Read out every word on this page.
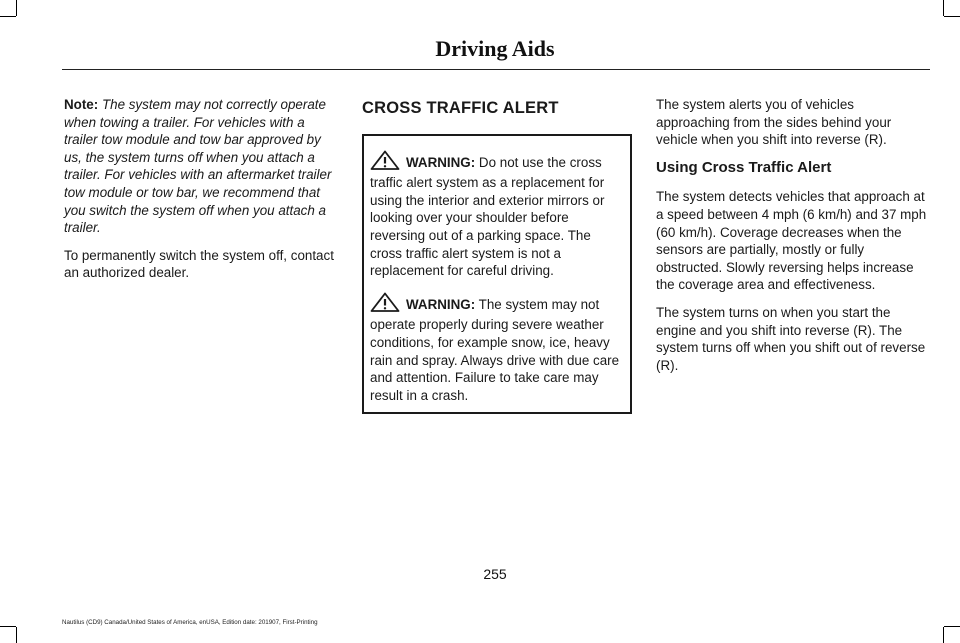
Driving Aids

Note: The system may not correctly operate when towing a trailer. For vehicles with a trailer tow module and tow bar approved by us, the system turns off when you attach a trailer. For vehicles with an aftermarket trailer tow module or tow bar, we recommend that you switch the system off when you attach a trailer.

To permanently switch the system off, contact an authorized dealer.

CROSS TRAFFIC ALERT

WARNING: Do not use the cross traffic alert system as a replacement for using the interior and exterior mirrors or looking over your shoulder before reversing out of a parking space. The cross traffic alert system is not a replacement for careful driving.

WARNING: The system may not operate properly during severe weather conditions, for example snow, ice, heavy rain and spray. Always drive with due care and attention. Failure to take care may result in a crash.

The system alerts you of vehicles approaching from the sides behind your vehicle when you shift into reverse (R).

Using Cross Traffic Alert

The system detects vehicles that approach at a speed between 4 mph (6 km/h) and 37 mph (60 km/h). Coverage decreases when the sensors are partially, mostly or fully obstructed. Slowly reversing helps increase the coverage area and effectiveness.

The system turns on when you start the engine and you shift into reverse (R). The system turns off when you shift out of reverse (R).

255
Nautilus (CD9) Canada/United States of America, enUSA, Edition date: 201907, First-Printing
